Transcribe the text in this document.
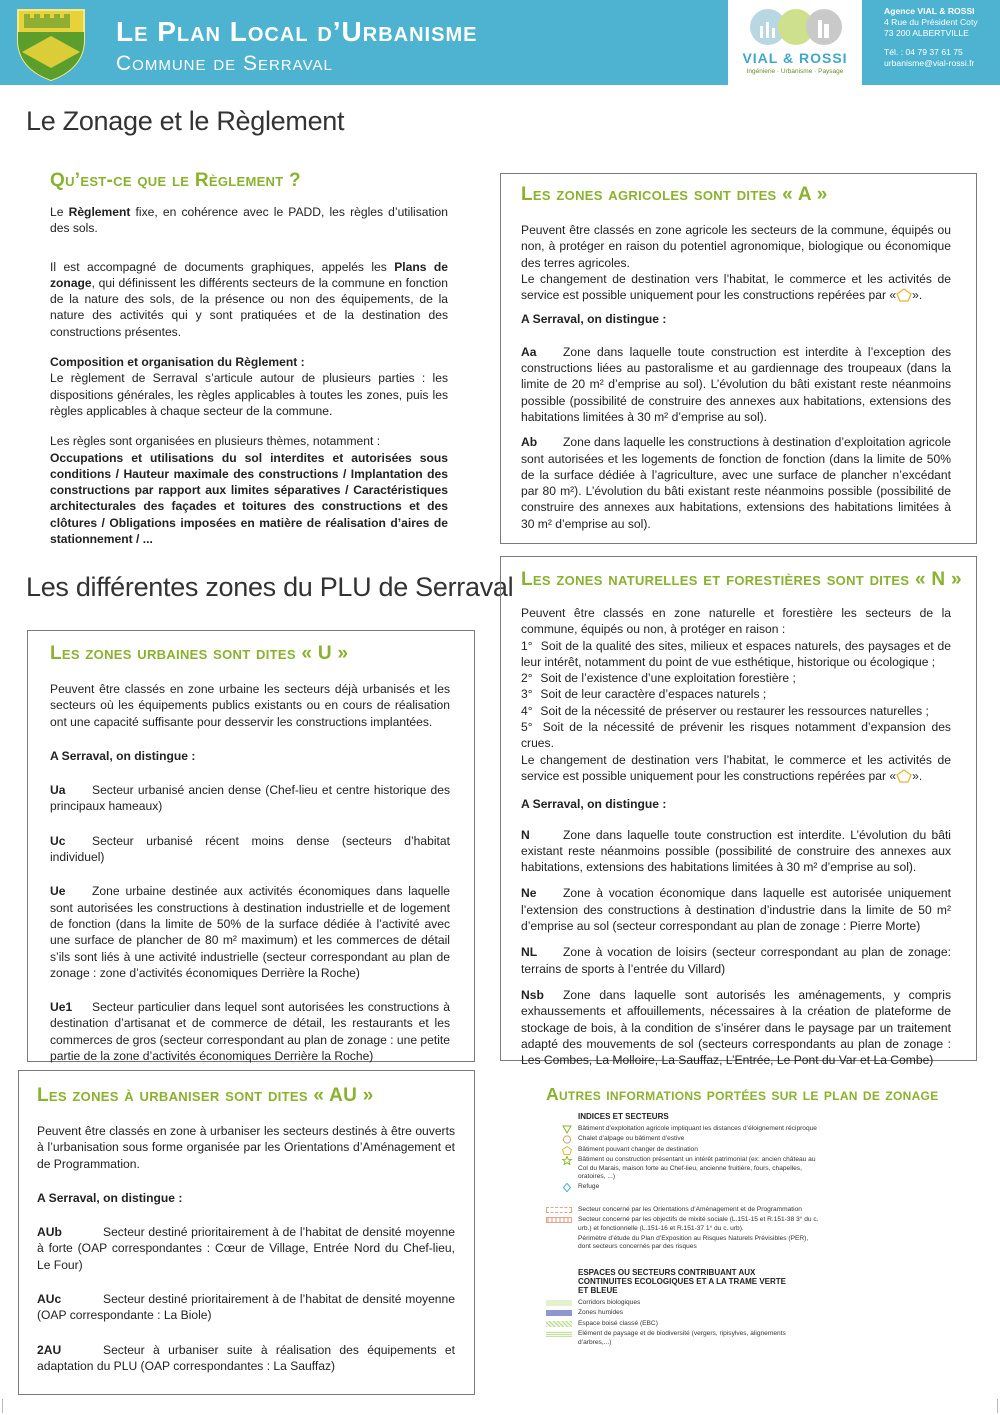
Le Plan Local d’Urbanisme
Commune de Serraval	VIAL & ROSSI
Ingénierie · Urbanisme · Paysage
Agence VIAL & ROSSI
4 Rue du Président Coty
73 200 ALBERTVILLE
Tél. : 04 79 37 61 75
urbanisme@vial-rossi.fr
Le Zonage et le Règlement
Les différentes zones du PLU de Serraval
Qu’est-ce que le Règlement ?

Le Règlement fixe, en cohérence avec le PADD, les règles d’utilisation des sols.

Il est accompagné de documents graphiques, appelés les Plans de zonage, qui définissent les différents secteurs de la commune en fonction de la nature des sols, de la présence ou non des équipements, de la nature des activités qui y sont pratiquées et de la destination des constructions présentes.

Composition et organisation du Règlement :

Le règlement de Serraval s’articule autour de plusieurs parties : les dispositions générales, les règles applicables à toutes les zones, puis les règles applicables à chaque secteur de la commune.

Les règles sont organisées en plusieurs thèmes, notamment :

Occupations et utilisations du sol interdites et autorisées sous conditions / Hauteur maximale des constructions / Implantation des constructions par rapport aux limites séparatives / Caractéristiques architecturales des façades et toitures des constructions et des clôtures / Obligations imposées en matière de réalisation d’aires de stationnement / ...

Les zones urbaines sont dites « U »

Peuvent être classés en zone urbaine les secteurs déjà urbanisés et les secteurs où les équipements publics existants ou en cours de réalisation ont une capacité suffisante pour desservir les constructions implantées.

A Serraval, on distingue :

Ua Secteur urbanisé ancien dense (Chef-lieu et centre historique des principaux hameaux)

Uc Secteur urbanisé récent moins dense (secteurs d’habitat individuel)

Ue Zone urbaine destinée aux activités économiques dans laquelle sont autorisées les constructions à destination industrielle et de logement de fonction (dans la limite de 50% de la surface dédiée à l’activité avec une surface de plancher de 80 m² maximum) et les commerces de détail s’ils sont liés à une activité industrielle (secteur correspondant au plan de zonage : zone d’activités économiques Derrière la Roche)

Ue1 Secteur particulier dans lequel sont autorisées les constructions à destination d’artisanat et de commerce de détail, les restaurants et les commerces de gros (secteur correspondant au plan de zonage : une petite partie de la zone d’activités économiques Derrière la Roche)

Les zones à urbaniser sont dites « AU »

Peuvent être classés en zone à urbaniser les secteurs destinés à être ouverts à l’urbanisation sous forme organisée par les Orientations d’Aménagement et de Programmation.

A Serraval, on distingue :

AUb	Secteur destiné prioritairement à de l’habitat de densité moyenne à forte (OAP correspondantes : Cœur de Village, Entrée Nord du Chef-lieu, Le Four)

AUc	Secteur destiné prioritairement à de l’habitat de densité moyenne (OAP correspondante : La Biole)

2AU	Secteur à urbaniser suite à réalisation des équipements et adaptation du PLU (OAP correspondantes : La Sauffaz)

Les zones agricoles sont dites « A »

Peuvent être classés en zone agricole les secteurs de la commune, équipés ou non, à protéger en raison du potentiel agronomique, biologique ou économique des terres agricoles.

Le changement de destination vers l’habitat, le commerce et les activités de service est possible uniquement pour les constructions repérées par « ».

A Serraval, on distingue :

Aa Zone dans laquelle toute construction est interdite à l’exception des constructions liées au pastoralisme et au gardiennage des troupeaux (dans la limite de 20 m² d’emprise au sol). L’évolution du bâti existant reste néanmoins possible (possibilité de construire des annexes aux habitations, extensions des habitations limitées à 30 m² d’emprise au sol).

Ab Zone dans laquelle les constructions à destination d’exploitation agricole sont autorisées et les logements de fonction de fonction (dans la limite de 50% de la surface dédiée à l’agriculture, avec une surface de plancher n’excédant par 80 m²). L’évolution du bâti existant reste néanmoins possible (possibilité de construire des annexes aux habitations, extensions des habitations limitées à 30 m² d’emprise au sol).

Les zones naturelles et forestières sont dites « N »

Peuvent être classés en zone naturelle et forestière les secteurs de la commune, équipés ou non, à protéger en raison :

1° Soit de la qualité des sites, milieux et espaces naturels, des paysages et de leur intérêt, notamment du point de vue esthétique, historique ou écologique ;

2° Soit de l’existence d’une exploitation forestière ;

3° Soit de leur caractère d’espaces naturels ;

4° Soit de la nécessité de préserver ou restaurer les ressources naturelles ;

5° Soit de la nécessité de prévenir les risques notamment d’expansion des crues.

Le changement de destination vers l’habitat, le commerce et les activités de service est possible uniquement pour les constructions repérées par « ».

A Serraval, on distingue :

N	Zone dans laquelle toute construction est interdite. L’évolution du bâti existant reste néanmoins possible (possibilité de construire des annexes aux habitations, extensions des habitations limitées à 30 m² d’emprise au sol).

Ne Zone à vocation économique dans laquelle est autorisée uniquement l’extension des constructions à destination d’industrie dans la limite de 50 m² d’emprise au sol (secteur correspondant au plan de zonage : Pierre Morte)

NL Zone à vocation de loisirs (secteur correspondant au plan de zonage: terrains de sports à l’entrée du Villard)

Nsb Zone dans laquelle sont autorisés les aménagements, y compris exhaussements et affouillements, nécessaires à la création de plateforme de stockage de bois, à la condition de s’insérer dans le paysage par un traitement adapté des mouvements de sol (secteurs correspondants au plan de zonage : Les Combes, La Molloire, La Sauffaz, L’Entrée, Le Pont du Var et La Combe)

Autres informations portées sur le plan de zonage
INDICES ET SECTEURS
Bâtiment d’exploitation agricole impliquant les distances d’éloignement réciproque
Chalet d’alpage ou bâtiment d’estive
Bâtiment pouvant changer de destination
Bâtiment ou construction présentant un intérêt patrimonial (ex: ancien château au Col du Marais, maison forte au Chef-lieu, ancienne fruitière, fours, chapelles, oratoires, ...)
Refuge
Secteur concerné par les Orientations d’Aménagement et de Programmation
Secteur concerné par les objectifs de mixité sociale (L.151-15 et R.151-38 3° du c. urb.) et fonctionnelle (L.151-16 et R.151-37 1° du c. urb).
Périmètre d’étude du Plan d’Exposition au Risques Naturels Prévisibles (PER), dont secteurs concernés par des risques
ESPACES OU SECTEURS CONTRIBUANT AUX CONTINUITES ECOLOGIQUES ET A LA TRAME VERTE ET BLEUE
Corridors biologiques
Zones humides
Espace boisé classé (EBC)
Elément de paysage et de biodiversité (vergers, ripisylves, alignements d’arbres,...)
